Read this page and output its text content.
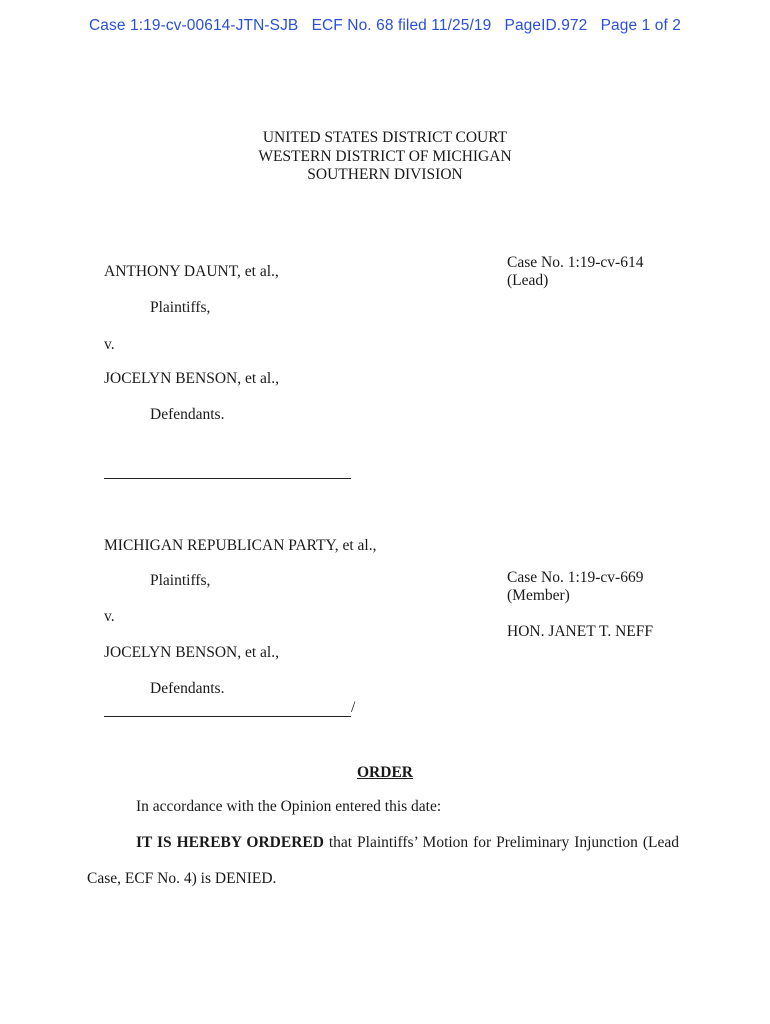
Case 1:19-cv-00614-JTN-SJB   ECF No. 68 filed 11/25/19   PageID.972   Page 1 of 2
UNITED STATES DISTRICT COURT
WESTERN DISTRICT OF MICHIGAN
SOUTHERN DIVISION
ANTHONY DAUNT, et al.,
Plaintiffs,
v.
JOCELYN BENSON, et al.,
Defendants.
Case No. 1:19-cv-614
(Lead)
MICHIGAN REPUBLICAN PARTY, et al.,
Plaintiffs,
v.
JOCELYN BENSON, et al.,
Defendants.
Case No. 1:19-cv-669
(Member)
HON. JANET T. NEFF
/
ORDER
In accordance with the Opinion entered this date:
IT IS HEREBY ORDERED that Plaintiffs’ Motion for Preliminary Injunction (Lead
Case, ECF No. 4) is DENIED.
